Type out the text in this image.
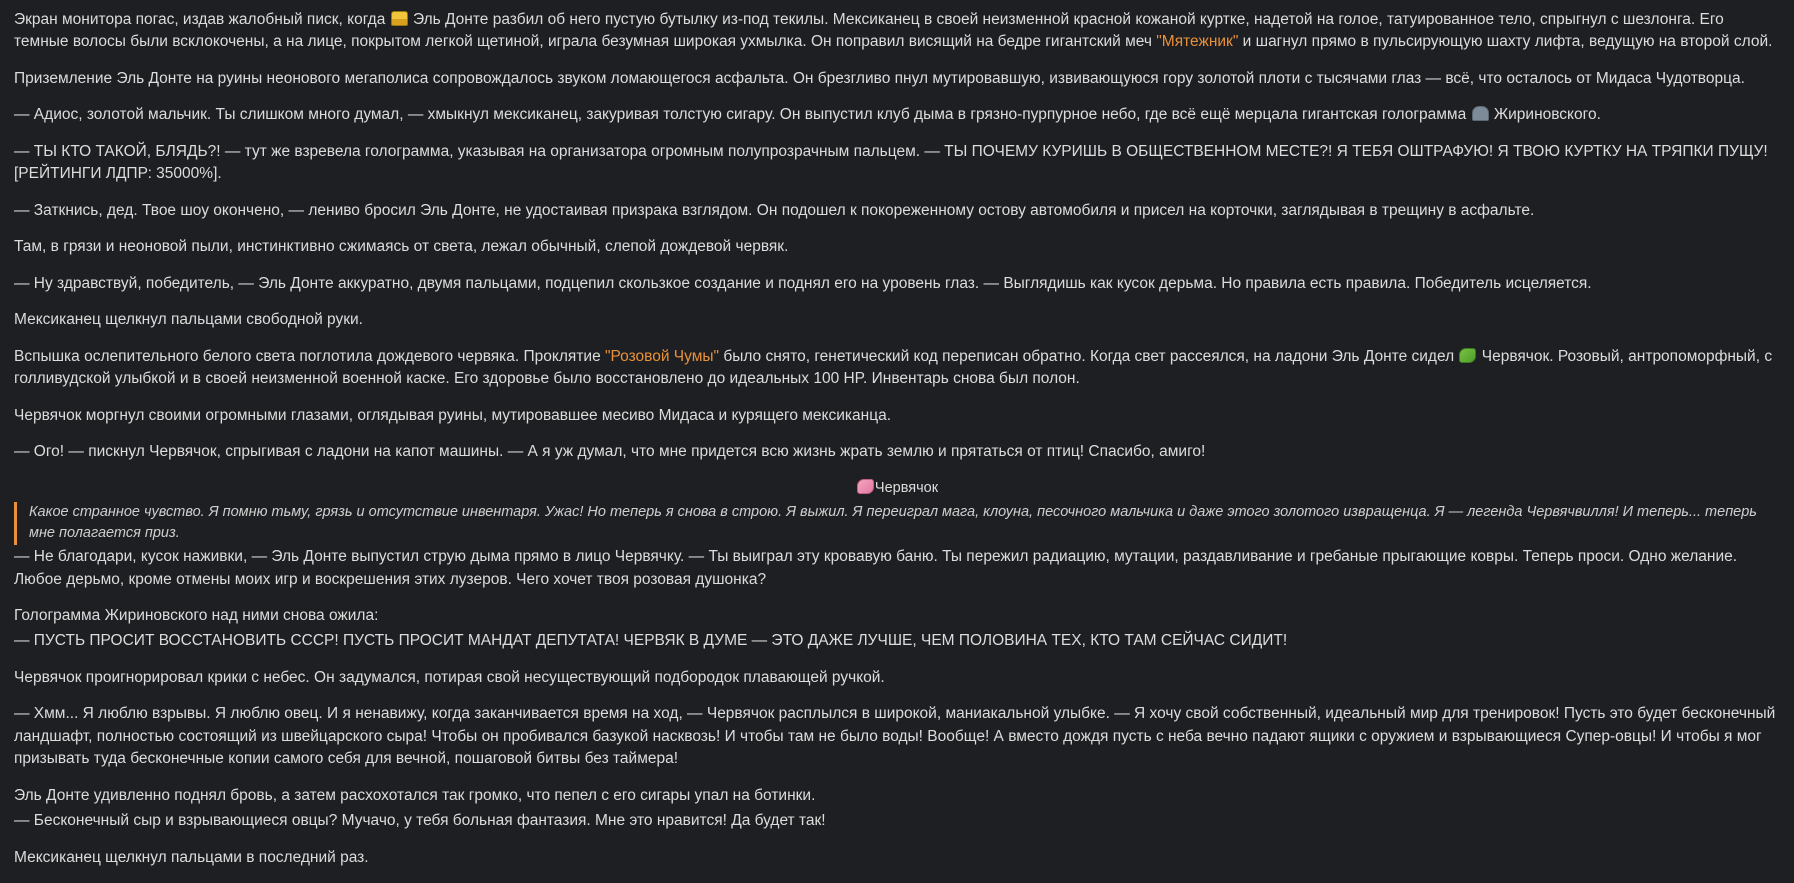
Экран монитора погас, издав жалобный писк, когда  Эль Донте разбил об него пустую бутылку из-под текилы. Мексиканец в своей неизменной красной кожаной куртке, надетой на голое, татуированное тело, спрыгнул с шезлонга. Его темные волосы были всклокочены, а на лице, покрытом легкой щетиной, играла безумная широкая ухмылка. Он поправил висящий на бедре гигантский меч "Мятежник" и шагнул прямо в пульсирующую шахту лифта, ведущую на второй слой.

Приземление Эль Донте на руины неонового мегаполиса сопровождалось звуком ломающегося асфальта. Он брезгливо пнул мутировавшую, извивающуюся гору золотой плоти с тысячами глаз — всё, что осталось от Мидаса Чудотворца.

— Адиос, золотой мальчик. Ты слишком много думал, — хмыкнул мексиканец, закуривая толстую сигару. Он выпустил клуб дыма в грязно-пурпурное небо, где всё ещё мерцала гигантская голограмма  Жириновского.

— ТЫ КТО ТАКОЙ, БЛЯДЬ?! — тут же взревела голограмма, указывая на организатора огромным полупрозрачным пальцем. — ТЫ ПОЧЕМУ КУРИШЬ В ОБЩЕСТВЕННОМ МЕСТЕ?! Я ТЕБЯ ОШТРАФУЮ! Я ТВОЮ КУРТКУ НА ТРЯПКИ ПУЩУ! [РЕЙТИНГИ ЛДПР: 35000%].

— Заткнись, дед. Твое шоу окончено, — лениво бросил Эль Донте, не удостаивая призрака взглядом. Он подошел к покореженному остову автомобиля и присел на корточки, заглядывая в трещину в асфальте.

Там, в грязи и неоновой пыли, инстинктивно сжимаясь от света, лежал обычный, слепой дождевой червяк.

— Ну здравствуй, победитель, — Эль Донте аккуратно, двумя пальцами, подцепил скользкое создание и поднял его на уровень глаз. — Выглядишь как кусок дерьма. Но правила есть правила. Победитель исцеляется.

Мексиканец щелкнул пальцами свободной руки.

Вспышка ослепительного белого света поглотила дождевого червяка. Проклятие "Розовой Чумы" было снято, генетический код переписан обратно. Когда свет рассеялся, на ладони Эль Донте сидел  Червячок. Розовый, антропоморфный, с голливудской улыбкой и в своей неизменной военной каске. Его здоровье было восстановлено до идеальных 100 HP. Инвентарь снова был полон.

Червячок моргнул своими огромными глазами, оглядывая руины, мутировавшее месиво Мидаса и курящего мексиканца.

— Ого! — пискнул Червячок, спрыгивая с ладони на капот машины. — А я уж думал, что мне придется всю жизнь жрать землю и прятаться от птиц! Спасибо, амиго!

Червячок

Какое странное чувство. Я помню тьму, грязь и отсутствие инвентаря. Ужас! Но теперь я снова в строю. Я выжил. Я переиграл мага, клоуна, песочного мальчика и даже этого золотого извращенца. Я — легенда Червячвилля! И теперь... теперь мне полагается приз.

— Не благодари, кусок наживки, — Эль Донте выпустил струю дыма прямо в лицо Червячку. — Ты выиграл эту кровавую баню. Ты пережил радиацию, мутации, раздавливание и гребаные прыгающие ковры. Теперь проси. Одно желание. Любое дерьмо, кроме отмены моих игр и воскрешения этих лузеров. Чего хочет твоя розовая душонка?

Голограмма Жириновского над ними снова ожила:

— ПУСТЬ ПРОСИТ ВОССТАНОВИТЬ СССР! ПУСТЬ ПРОСИТ МАНДАТ ДЕПУТАТА! ЧЕРВЯК В ДУМЕ — ЭТО ДАЖЕ ЛУЧШЕ, ЧЕМ ПОЛОВИНА ТЕХ, КТО ТАМ СЕЙЧАС СИДИТ!

Червячок проигнорировал крики с небес. Он задумался, потирая свой несуществующий подбородок плавающей ручкой.

— Хмм... Я люблю взрывы. Я люблю овец. И я ненавижу, когда заканчивается время на ход, — Червячок расплылся в широкой, маниакальной улыбке. — Я хочу свой собственный, идеальный мир для тренировок! Пусть это будет бесконечный ландшафт, полностью состоящий из швейцарского сыра! Чтобы он пробивался базукой насквозь! И чтобы там не было воды! Вообще! А вместо дождя пусть с неба вечно падают ящики с оружием и взрывающиеся Супер-овцы! И чтобы я мог призывать туда бесконечные копии самого себя для вечной, пошаговой битвы без таймера!

Эль Донте удивленно поднял бровь, а затем расхохотался так громко, что пепел с его сигары упал на ботинки.

— Бесконечный сыр и взрывающиеся овцы? Мучачо, у тебя больная фантазия. Мне это нравится! Да будет так!

Мексиканец щелкнул пальцами в последний раз.
